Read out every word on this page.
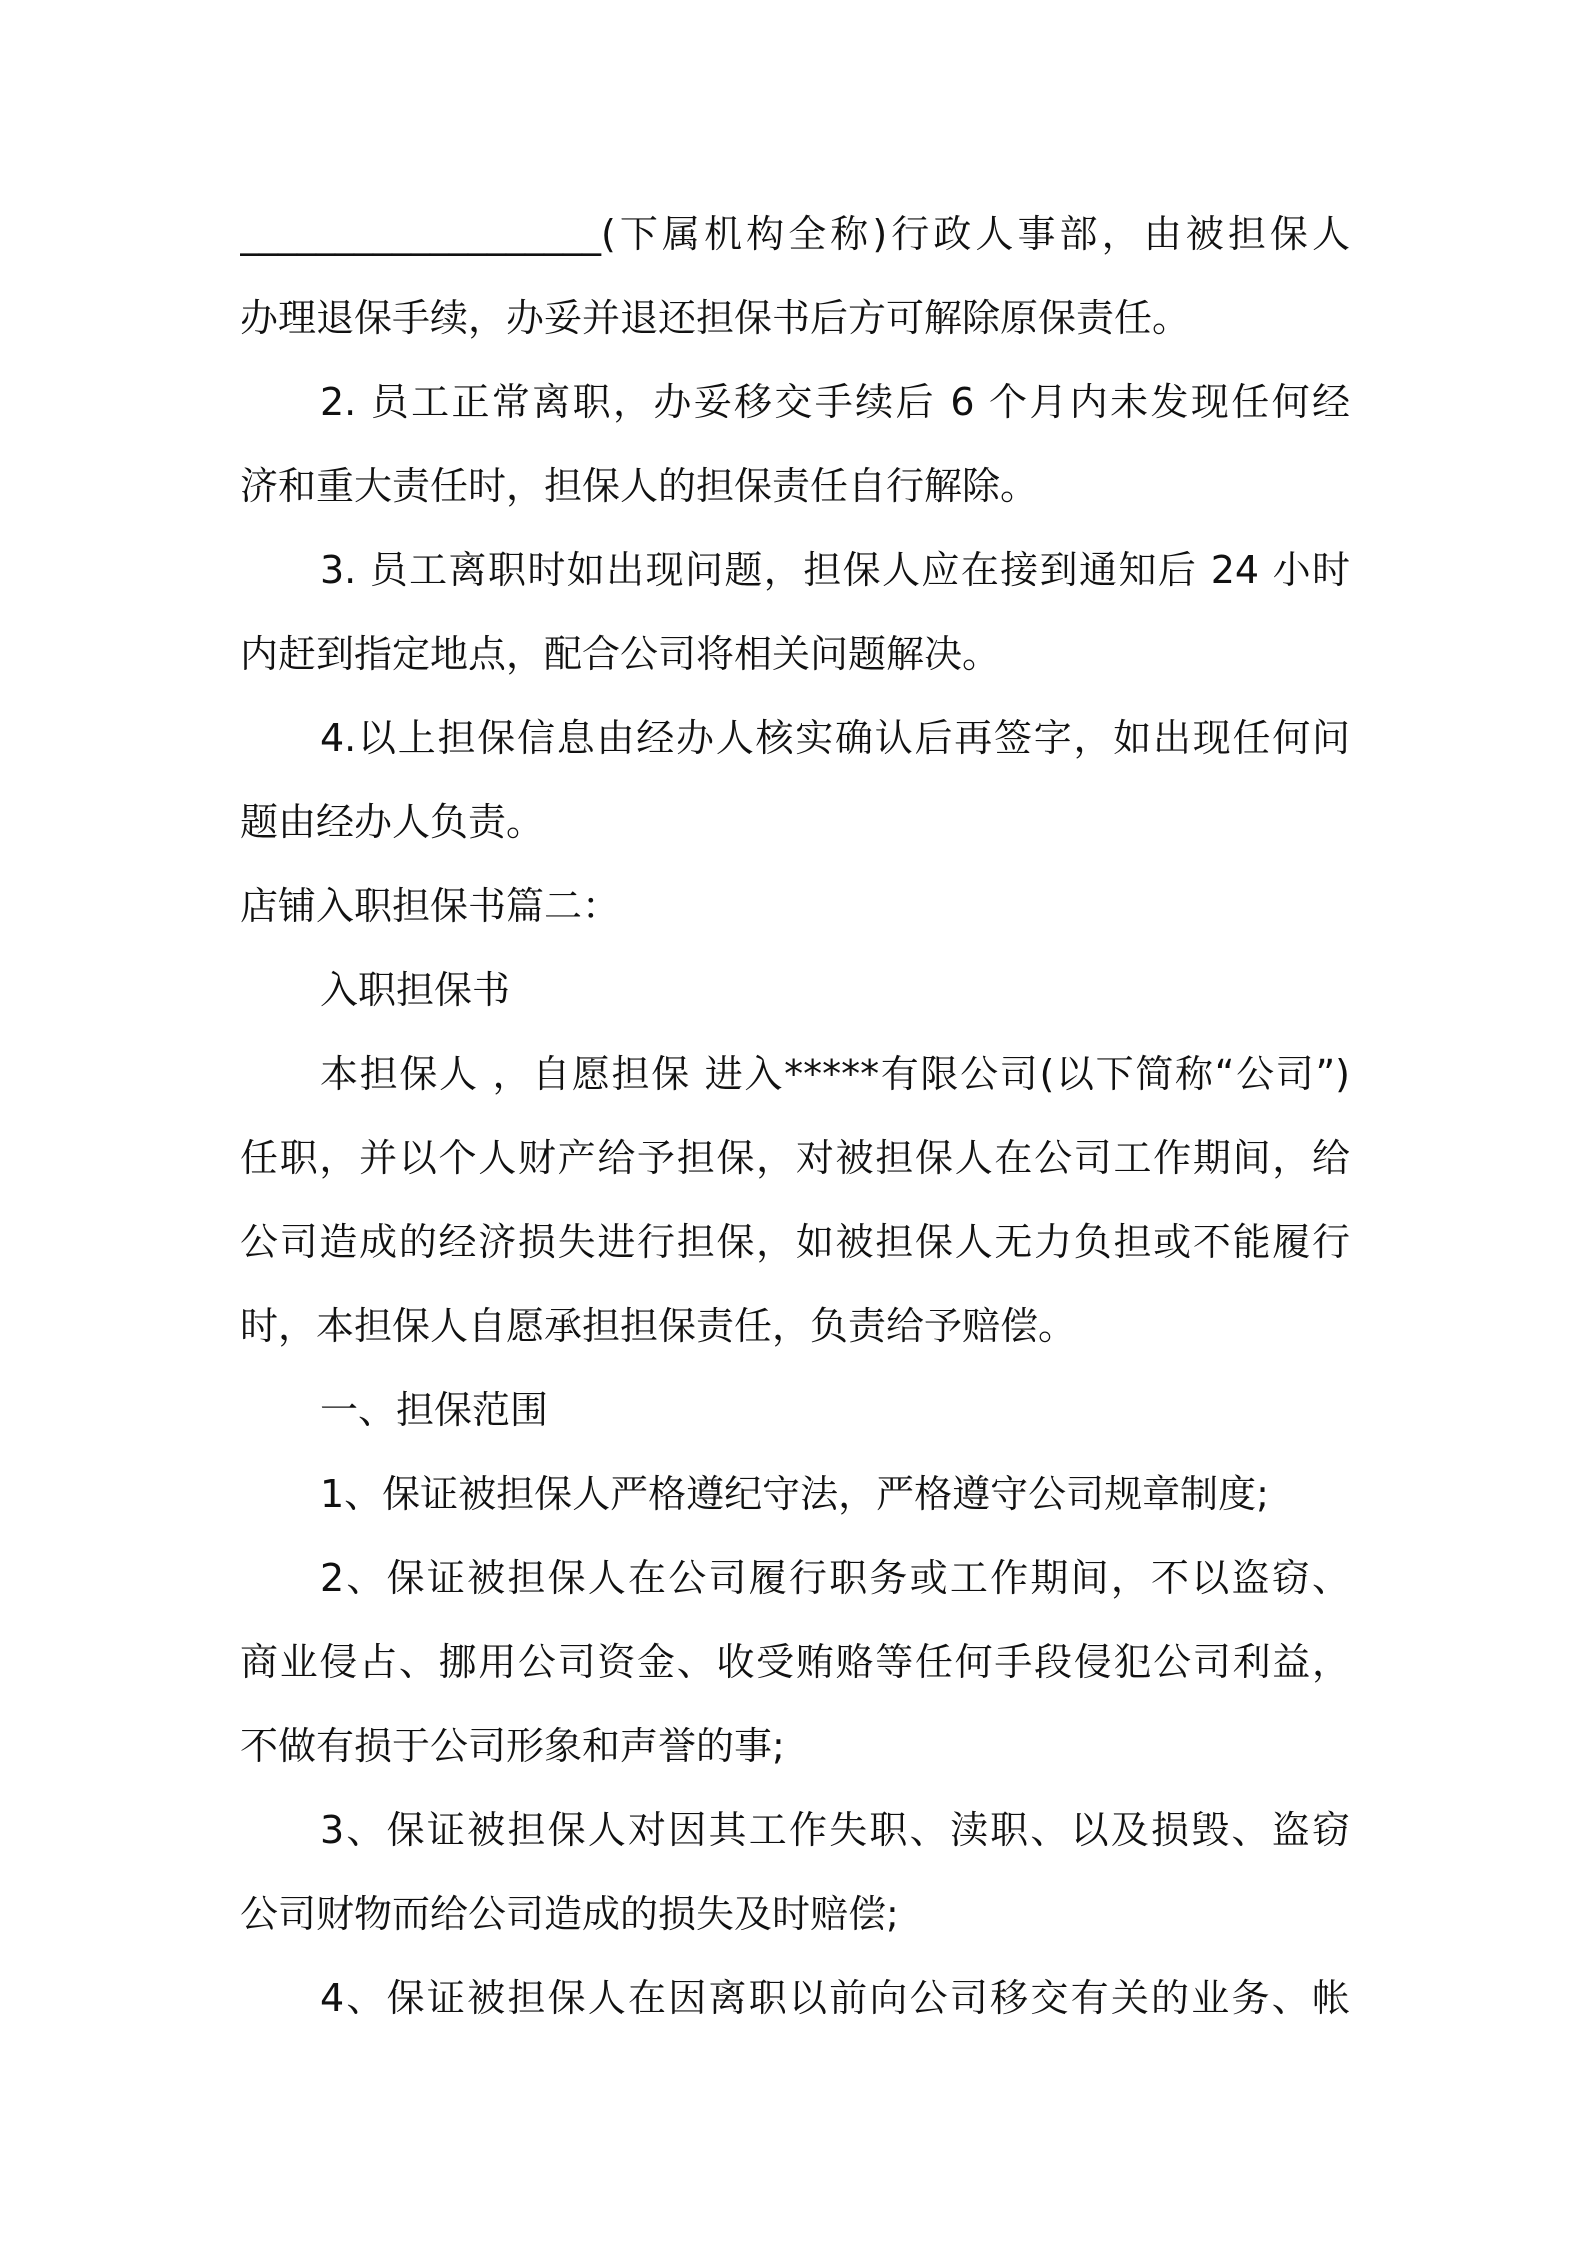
___________________(下属机构全称)行政人事部，由被担保人
办理退保手续，办妥并退还担保书后方可解除原保责任。
2. 员工正常离职，办妥移交手续后 6 个月内未发现任何经
济和重大责任时，担保人的担保责任自行解除。
3. 员工离职时如出现问题，担保人应在接到通知后 24 小时
内赶到指定地点，配合公司将相关问题解决。
4.以上担保信息由经办人核实确认后再签字，如出现任何问
题由经办人负责。
店铺入职担保书篇二：
入职担保书
本担保人 ，自愿担保 进入*****有限公司(以下简称“公司”)
任职，并以个人财产给予担保，对被担保人在公司工作期间，给
公司造成的经济损失进行担保，如被担保人无力负担或不能履行
时，本担保人自愿承担担保责任，负责给予赔偿。
一、担保范围
1、保证被担保人严格遵纪守法，严格遵守公司规章制度;
2、保证被担保人在公司履行职务或工作期间，不以盗窃、
商业侵占、挪用公司资金、收受贿赂等任何手段侵犯公司利益，
不做有损于公司形象和声誉的事;
3、保证被担保人对因其工作失职、渎职、以及损毁、盗窃
公司财物而给公司造成的损失及时赔偿;
4、保证被担保人在因离职以前向公司移交有关的业务、帐
